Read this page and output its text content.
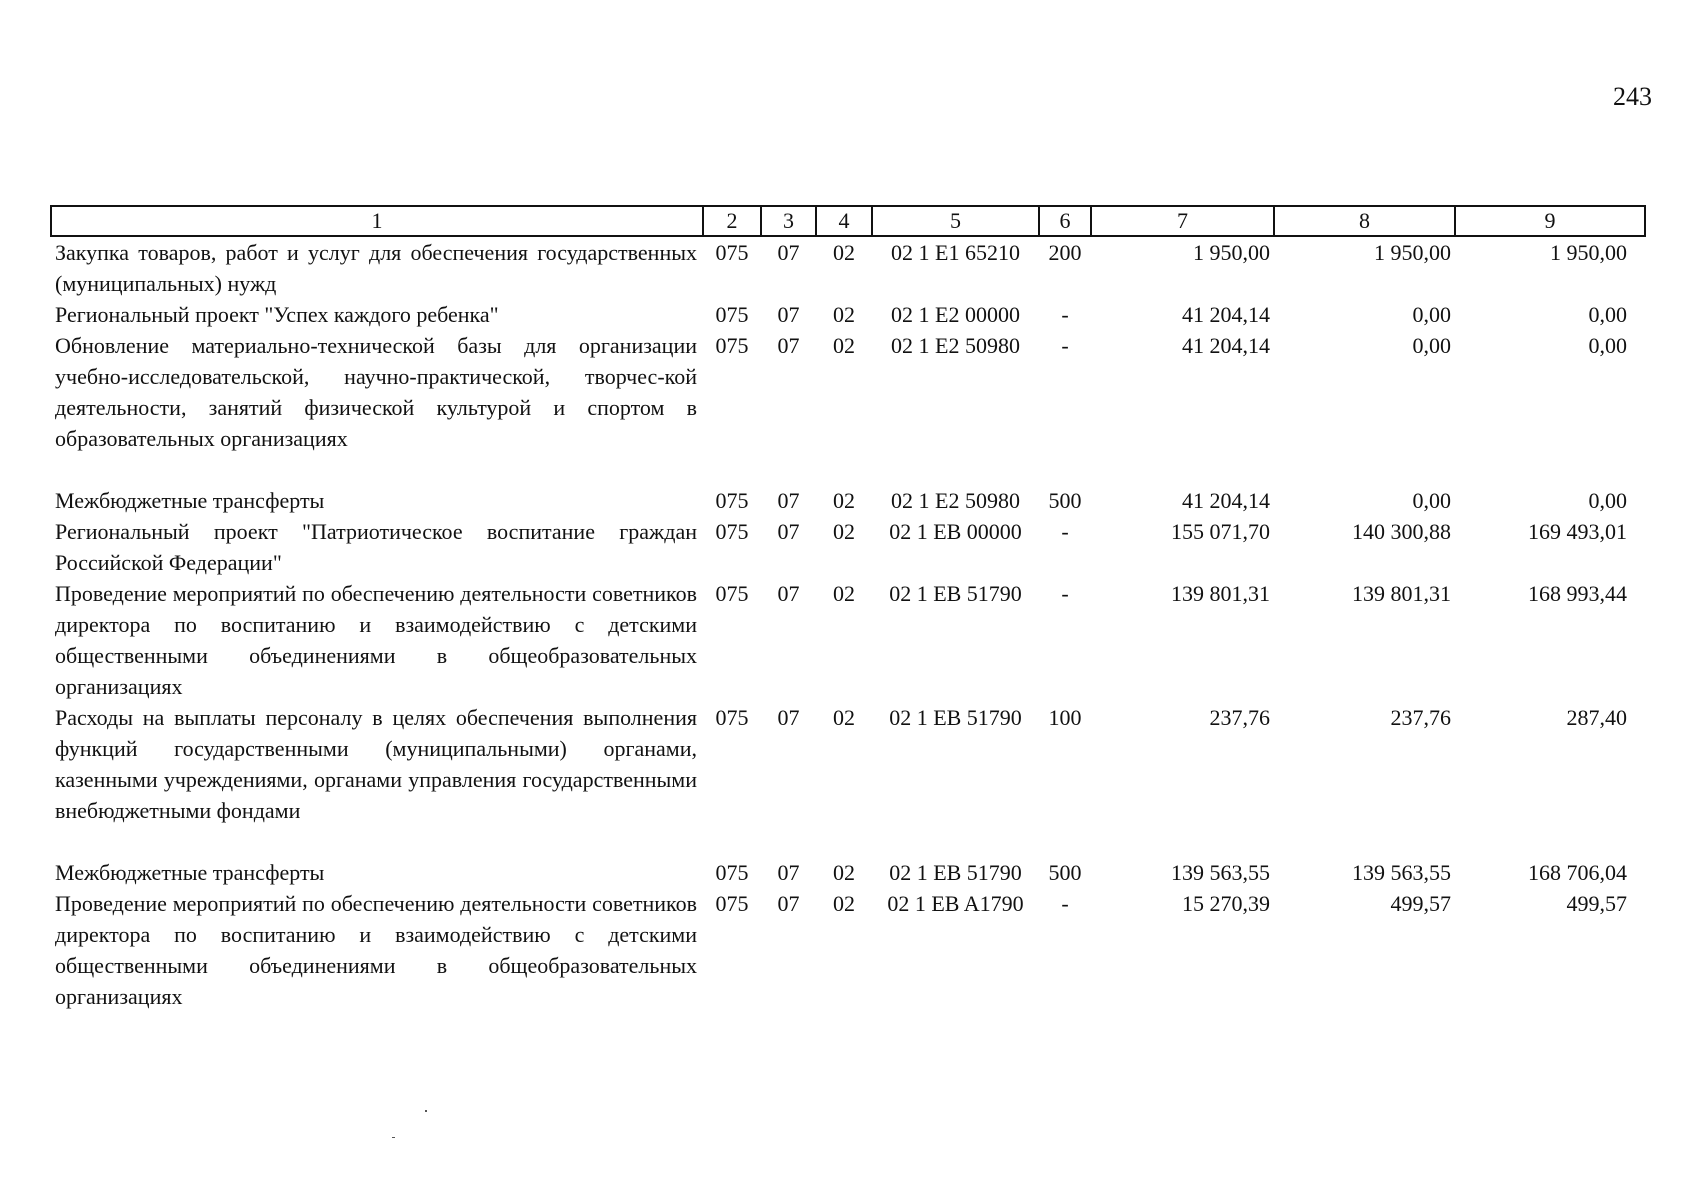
243
1	2	3	4	5	6	7	8	9
Закупка товаров, работ и услуг для обеспечения государственных (муниципальных) нужд	075	07	02	02 1 E1 65210	200	1 950,00	1 950,00	1 950,00
Региональный проект "Успех каждого ребенка"	075	07	02	02 1 E2 00000	-	41 204,14	0,00	0,00
Обновление материально-технической базы для организации учебно-исследовательской, научно-практической, творчес-кой деятельности, занятий физической культурой и спортом в образовательных организациях	075	07	02	02 1 E2 50980	-	41 204,14	0,00	0,00
Межбюджетные трансферты	075	07	02	02 1 E2 50980	500	41 204,14	0,00	0,00
Региональный проект "Патриотическое воспитание граждан Российской Федерации"	075	07	02	02 1 EB 00000	-	155 071,70	140 300,88	169 493,01
Проведение мероприятий по обеспечению деятельности советников директора по воспитанию и взаимодействию с детскими общественными объединениями в общеобразовательных организациях	075	07	02	02 1 EB 51790	-	139 801,31	139 801,31	168 993,44
Расходы на выплаты персоналу в целях обеспечения выполнения функций государственными (муниципальными) органами, казенными учреждениями, органами управления государственными внебюджетными фондами	075	07	02	02 1 EB 51790	100	237,76	237,76	287,40
Межбюджетные трансферты	075	07	02	02 1 EB 51790	500	139 563,55	139 563,55	168 706,04
Проведение мероприятий по обеспечению деятельности советников директора по воспитанию и взаимодействию с детскими общественными объединениями в общеобразовательных организациях	075	07	02	02 1 EB A1790	-	15 270,39	499,57	499,57
